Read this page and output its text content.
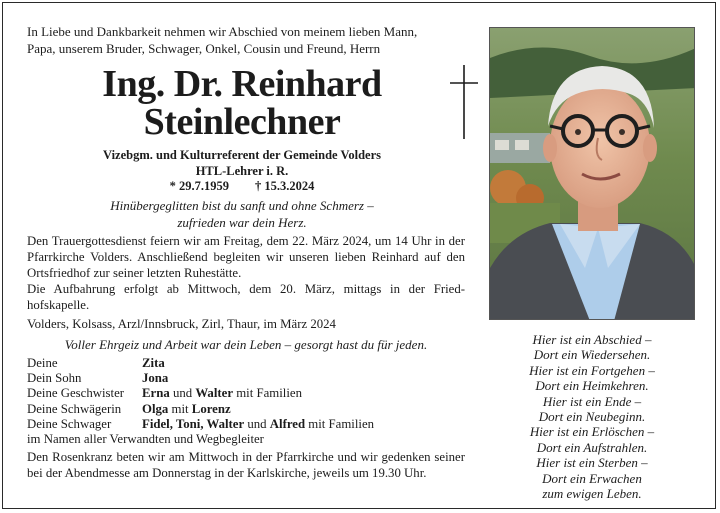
In Liebe und Dankbarkeit nehmen wir Abschied von meinem lieben Mann,
Papa, unserem Bruder, Schwager, Onkel, Cousin und Freund, Herrn
Ing. Dr. Reinhard
Steinlechner
Vizebgm. und Kulturreferent der Gemeinde Volders
HTL-Lehrer i. R.
* 29.7.1959 † 15.3.2024
Hinübergeglitten bist du sanft und ohne Schmerz –
zufrieden war dein Herz.
Den Trauergottesdienst feiern wir am Freitag, dem 22. März 2024, um 14 Uhr in der Pfarrkirche Volders. Anschließend begleiten wir unseren lieben Reinhard auf den Ortsfriedhof zur seiner letzten Ruhestätte.
Die Aufbahrung erfolgt ab Mittwoch, dem 20. März, mittags in der Fried-hofskapelle.
Volders, Kolsass, Arzl/Innsbruck, Zirl, Thaur, im März 2024
Voller Ehrgeiz und Arbeit war dein Leben – gesorgt hast du für jeden.
Deine	Zita
Dein Sohn	Jona
Deine Geschwister	Erna und Walter mit Familien
Deine Schwägerin	Olga mit Lorenz
Deine Schwager	Fidel, Toni, Walter und Alfred mit Familien
im Namen aller Verwandten und Wegbegleiter
Den Rosenkranz beten wir am Mittwoch in der Pfarrkirche und wir gedenken seiner bei der Abendmesse am Donnerstag in der Karlskirche, jeweils um 19.30 Uhr.
Hier ist ein Abschied –
Dort ein Wiedersehen.
Hier ist ein Fortgehen –
Dort ein Heimkehren.
Hier ist ein Ende –
Dort ein Neubeginn.
Hier ist ein Erlöschen –
Dort ein Aufstrahlen.
Hier ist ein Sterben –
Dort ein Erwachen
zum ewigen Leben.
